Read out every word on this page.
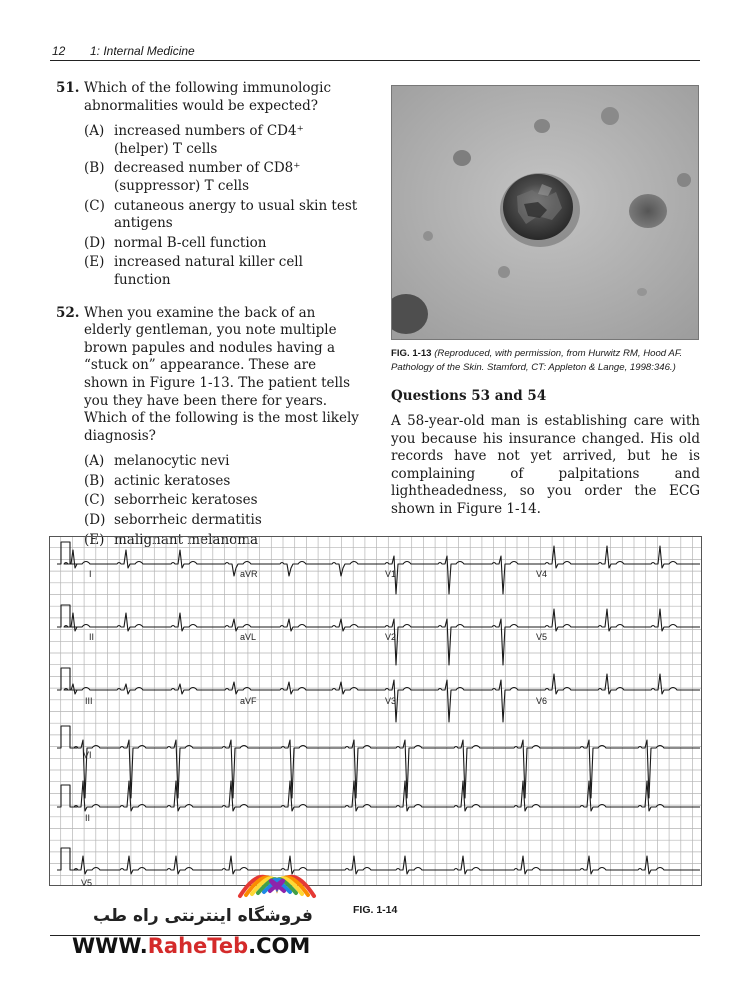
12 1: Internal Medicine
51. Which of the following immunologic abnormalities would be expected?
(A) increased numbers of CD4⁺ (helper) T cells
(B) decreased number of CD8⁺ (suppressor) T cells
(C) cutaneous anergy to usual skin test antigens
(D) normal B-cell function
(E) increased natural killer cell function
52. When you examine the back of an elderly gentleman, you note multiple brown papules and nodules having a “stuck on” appearance. These are shown in Figure 1-13. The patient tells you they have been there for years. Which of the following is the most likely diagnosis?
(A) melanocytic nevi
(B) actinic keratoses
(C) seborrheic keratoses
(D) seborrheic dermatitis
(E) malignant melanoma
FIG. 1-13 (Reproduced, with permission, from Hurwitz RM, Hood AF. Pathology of the Skin. Stamford, CT: Appleton & Lange, 1998:346.)
Questions 53 and 54
A 58-year-old man is establishing care with you because his insurance changed. His old records have not yet arrived, but he is complaining of palpitations and lightheadedness, so you order the ECG shown in Figure 1-14.
I	aVR	V1	V4
II	aVL	V2	V5
III	aVF	V3	V6
VI
II
V5
FIG. 1-14
فروشگاه اینترنتی راه طب
WWW.RaheTeb.COM
